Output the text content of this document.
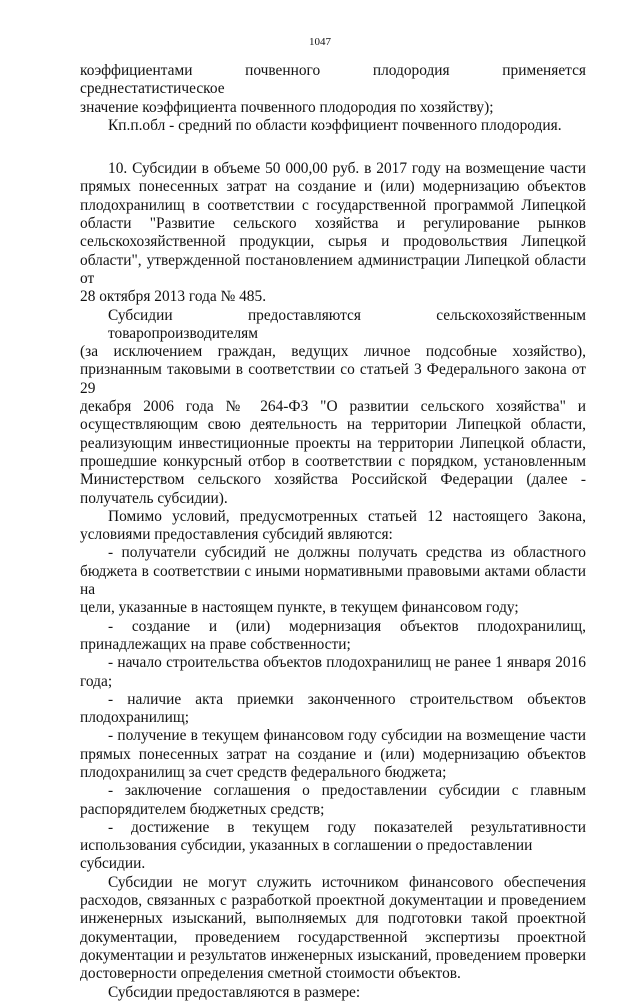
1047

коэффициентами почвенного плодородия применяется среднестатистическое

значение коэффициента почвенного плодородия по хозяйству);

Кп.п.обл - средний по области коэффициент почвенного плодородия.

10. Субсидии в объеме 50 000,00 руб. в 2017 году на возмещение части

прямых понесенных затрат на создание и (или) модернизацию объектов

плодохранилищ в соответствии с государственной программой Липецкой

области "Развитие сельского хозяйства и регулирование рынков

сельскохозяйственной продукции, сырья и продовольствия Липецкой

области", утвержденной постановлением администрации Липецкой области от

28 октября 2013 года № 485.

Субсидии предоставляются сельскохозяйственным товаропроизводителям

(за исключением граждан, ведущих личное подсобные хозяйство),

признанным таковыми в соответствии со статьей 3 Федерального закона от 29

декабря 2006 года № 264-ФЗ "О развитии сельского хозяйства" и

осуществляющим свою деятельность на территории Липецкой области,

реализующим инвестиционные проекты на территории Липецкой области,

прошедшие конкурсный отбор в соответствии с порядком, установленным

Министерством сельского хозяйства Российской Федерации (далее -

получатель субсидии).

Помимо условий, предусмотренных статьей 12 настоящего Закона,

условиями предоставления субсидий являются:

- получатели субсидий не должны получать средства из областного

бюджета в соответствии с иными нормативными правовыми актами области на

цели, указанные в настоящем пункте, в текущем финансовом году;

- создание и (или) модернизация объектов плодохранилищ,

принадлежащих на праве собственности;

- начало строительства объектов плодохранилищ не ранее 1 января 2016

года;

- наличие акта приемки законченного строительством объектов

плодохранилищ;

- получение в текущем финансовом году субсидии на возмещение части

прямых понесенных затрат на создание и (или) модернизацию объектов

плодохранилищ за счет средств федерального бюджета;

- заключение соглашения о предоставлении субсидии с главным

распорядителем бюджетных средств;

- достижение в текущем году показателей результативности

использования субсидии, указанных в соглашении о предоставлении субсидии.

Субсидии не могут служить источником финансового обеспечения

расходов, связанных с разработкой проектной документации и проведением

инженерных изысканий, выполняемых для подготовки такой проектной

документации, проведением государственной экспертизы проектной

документации и результатов инженерных изысканий, проведением проверки

достоверности определения сметной стоимости объектов.

Субсидии предоставляются в размере:
